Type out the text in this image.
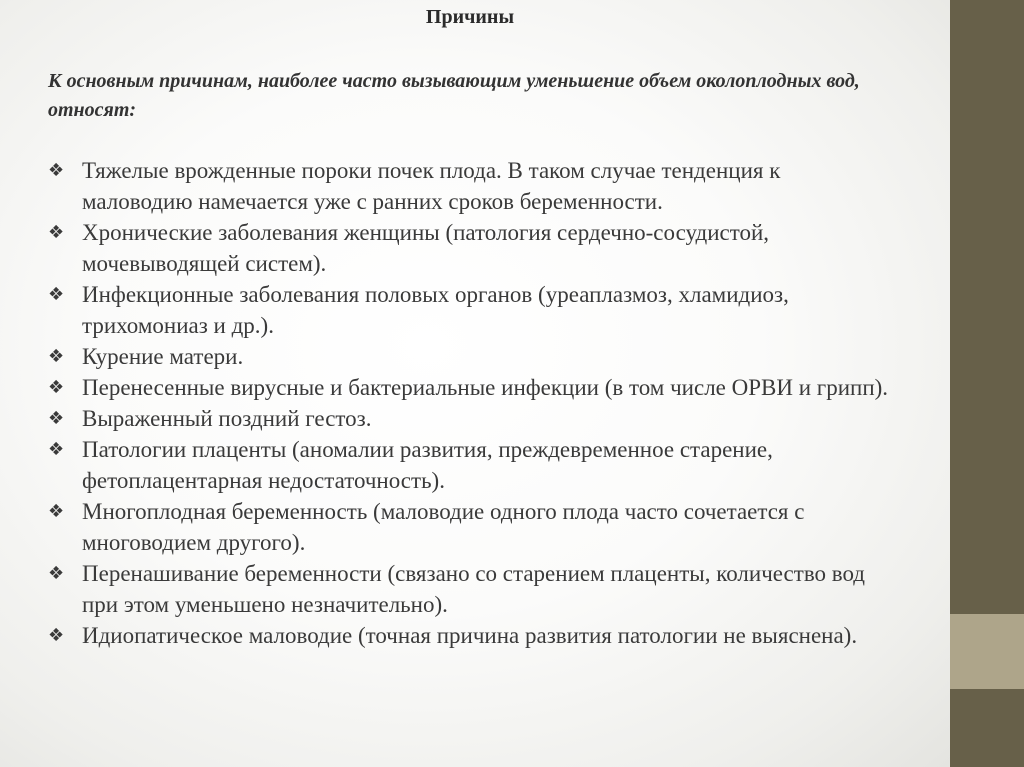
Причины
К основным причинам, наиболее часто вызывающим уменьшение объем околоплодных вод, относят:
❖ Тяжелые врожденные пороки почек плода. В таком случае тенденция к маловодию намечается уже с ранних сроков беременности.
❖ Хронические заболевания женщины (патология сердечно-сосудистой, мочевыводящей систем).
❖ Инфекционные заболевания половых органов (уреаплазмоз, хламидиоз, трихомониаз и др.).
❖ Курение матери.
❖ Перенесенные вирусные и бактериальные инфекции (в том числе ОРВИ и грипп).
❖ Выраженный поздний гестоз.
❖ Патологии плаценты (аномалии развития, преждевременное старение, фетоплацентарная недостаточность).
❖ Многоплодная беременность (маловодие одного плода часто сочетается с многоводием другого).
❖ Перенашивание беременности (связано со старением плаценты, количество вод при этом уменьшено незначительно).
❖ Идиопатическое маловодие (точная причина развития патологии не выяснена).
